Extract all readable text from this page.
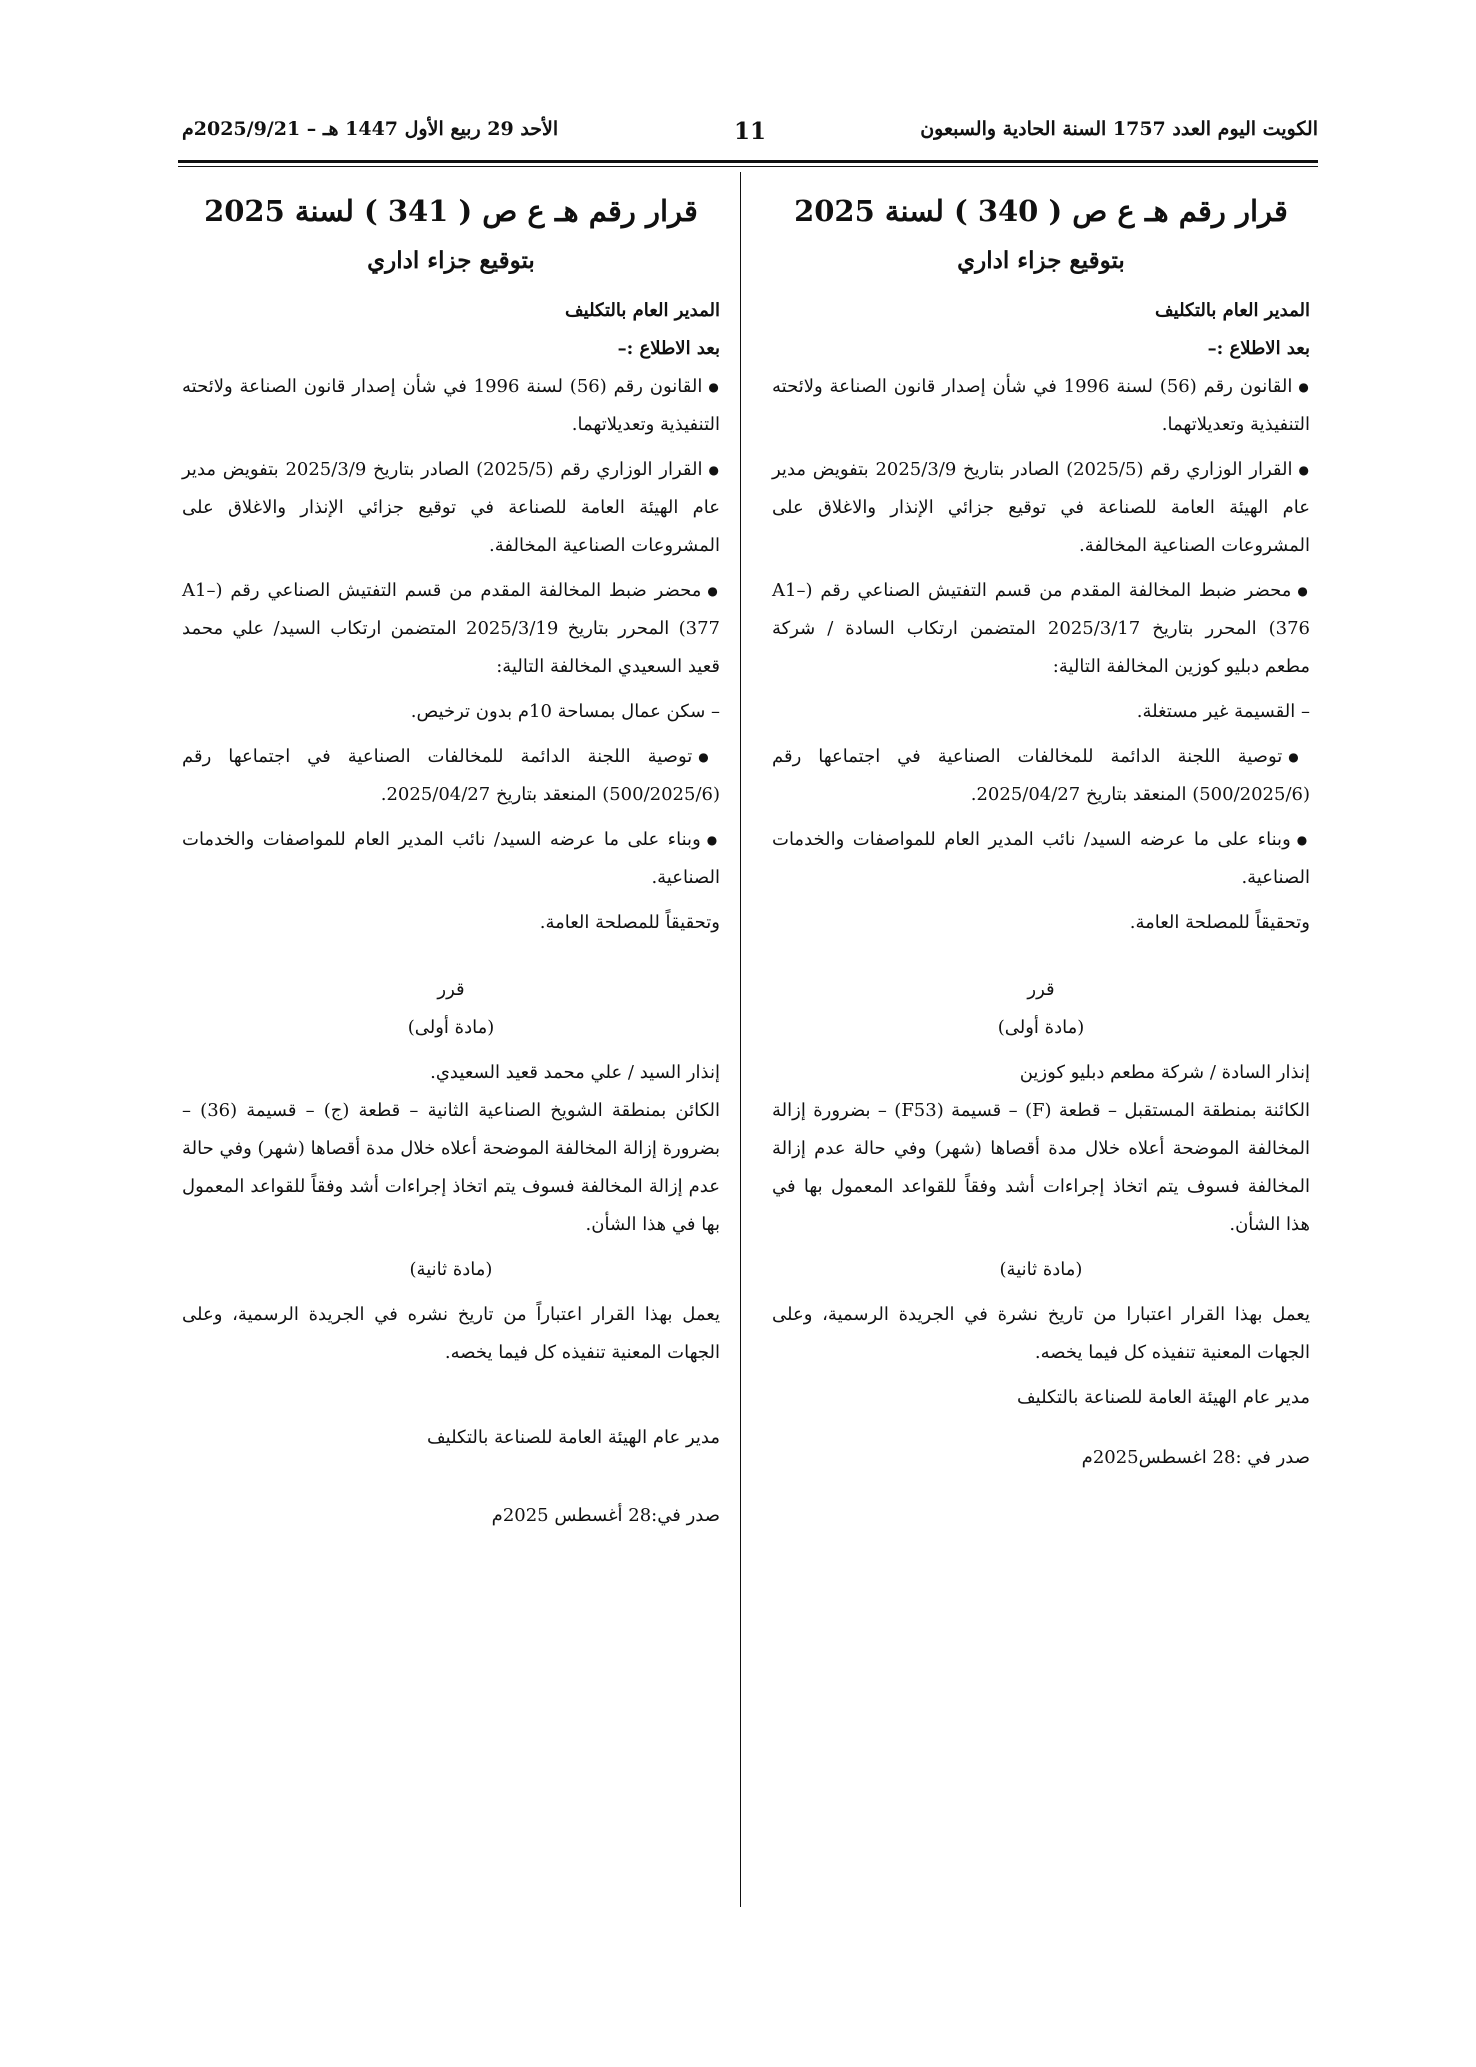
الكويت اليوم العدد 1757 السنة الحادية والسبعون
11
الأحد 29 ربيع الأول 1447 هـ – 2025/9/21م
قرار رقم هـ ع ص ( 340 ) لسنة 2025
بتوقيع جزاء اداري

المدير العام بالتكليف

بعد الاطلاع :–

● القانون رقم (56) لسنة 1996 في شأن إصدار قانون الصناعة ولائحته التنفيذية وتعديلاتهما.

● القرار الوزاري رقم (2025/5) الصادر بتاريخ 2025/3/9 بتفويض مدير عام الهيئة العامة للصناعة في توقيع جزائي الإنذار والاغلاق على المشروعات الصناعية المخالفة.

● محضر ضبط المخالفة المقدم من قسم التفتيش الصناعي رقم (A1–376) المحرر بتاريخ 2025/3/17 المتضمن ارتكاب السادة / شركة مطعم دبليو كوزين المخالفة التالية:

– القسيمة غير مستغلة.

● توصية اللجنة الدائمة للمخالفات الصناعية في اجتماعها رقم (500/2025/6) المنعقد بتاريخ 2025/04/27.

● وبناء على ما عرضه السيد/ نائب المدير العام للمواصفات والخدمات الصناعية.

وتحقيقاً للمصلحة العامة.

قرر

(مادة أولى)

إنذار السادة / شركة مطعم دبليو كوزين

الكائنة بمنطقة المستقبل – قطعة (F) – قسيمة (F53) – بضرورة إزالة المخالفة الموضحة أعلاه خلال مدة أقصاها (شهر) وفي حالة عدم إزالة المخالفة فسوف يتم اتخاذ إجراءات أشد وفقاً للقواعد المعمول بها في هذا الشأن.

(مادة ثانية)

يعمل بهذا القرار اعتبارا من تاريخ نشرة في الجريدة الرسمية، وعلى الجهات المعنية تنفيذه كل فيما يخصه.

مدير عام الهيئة العامة للصناعة بالتكليف

صدر في :28 اغسطس2025م

قرار رقم هـ ع ص ( 341 ) لسنة 2025
بتوقيع جزاء اداري

المدير العام بالتكليف

بعد الاطلاع :–

● القانون رقم (56) لسنة 1996 في شأن إصدار قانون الصناعة ولائحته التنفيذية وتعديلاتهما.

● القرار الوزاري رقم (2025/5) الصادر بتاريخ 2025/3/9 بتفويض مدير عام الهيئة العامة للصناعة في توقيع جزائي الإنذار والاغلاق على المشروعات الصناعية المخالفة.

● محضر ضبط المخالفة المقدم من قسم التفتيش الصناعي رقم (A1–377) المحرر بتاريخ 2025/3/19 المتضمن ارتكاب السيد/ علي محمد قعيد السعيدي المخالفة التالية:

– سكن عمال بمساحة 10م بدون ترخيص.

● توصية اللجنة الدائمة للمخالفات الصناعية في اجتماعها رقم (500/2025/6) المنعقد بتاريخ 2025/04/27.

● وبناء على ما عرضه السيد/ نائب المدير العام للمواصفات والخدمات الصناعية.

وتحقيقاً للمصلحة العامة.

قرر

(مادة أولى)

إنذار السيد / علي محمد قعيد السعيدي.

الكائن بمنطقة الشويخ الصناعية الثانية – قطعة (ج) – قسيمة (36) – بضرورة إزالة المخالفة الموضحة أعلاه خلال مدة أقصاها (شهر) وفي حالة عدم إزالة المخالفة فسوف يتم اتخاذ إجراءات أشد وفقاً للقواعد المعمول بها في هذا الشأن.

(مادة ثانية)

يعمل بهذا القرار اعتباراً من تاريخ نشره في الجريدة الرسمية، وعلى الجهات المعنية تنفيذه كل فيما يخصه.

مدير عام الهيئة العامة للصناعة بالتكليف

صدر في:28 أغسطس 2025م
